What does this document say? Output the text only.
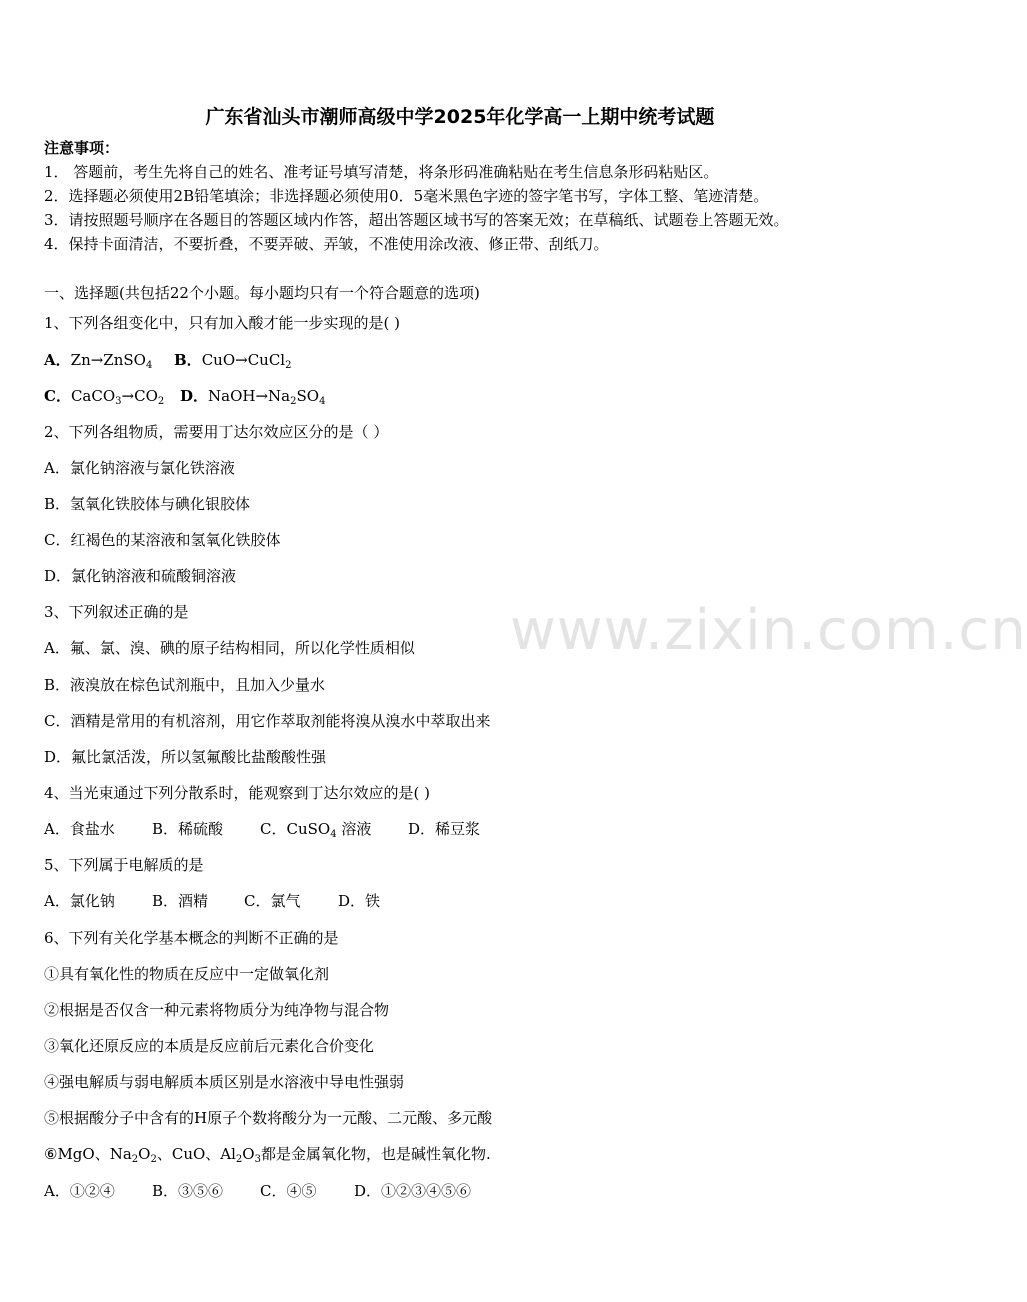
广东省汕头市潮师高级中学2025年化学高一上期中统考试题
注意事项：
1． 答题前，考生先将自己的姓名、准考证号填写清楚，将条形码准确粘贴在考生信息条形码粘贴区。
2．选择题必须使用2B铅笔填涂；非选择题必须使用0．5毫米黑色字迹的签字笔书写，字体工整、笔迹清楚。
3．请按照题号顺序在各题目的答题区域内作答，超出答题区域书写的答案无效；在草稿纸、试题卷上答题无效。
4．保持卡面清洁，不要折叠，不要弄破、弄皱，不准使用涂改液、修正带、刮纸刀。
一、选择题(共包括22个小题。每小题均只有一个符合题意的选项)
1、下列各组变化中，只有加入酸才能一步实现的是( )
A．Zn→ZnSO$_4$ B．CuO→CuCl$_2$
C．$CaCO_3\to CO_2$ D．$NaOH\to Na_2SO_4$
2、下列各组物质，需要用丁达尔效应区分的是（ ）
A．氯化钠溶液与氯化铁溶液
B．氢氧化铁胶体与碘化银胶体
C．红褐色的某溶液和氢氧化铁胶体
D．氯化钠溶液和硫酸铜溶液
3、下列叙述正确的是
A．氟、氯、溴、碘的原子结构相同，所以化学性质相似
B．液溴放在棕色试剂瓶中，且加入少量水
C．酒精是常用的有机溶剂，用它作萃取剂能将溴从溴水中萃取出来
D．氟比氯活泼，所以氢氟酸比盐酸酸性强
4、当光束通过下列分散系时，能观察到丁达尔效应的是( )
A．食盐水 B．稀硫酸 C．CuSO$_4$ 溶液 D．稀豆浆
5、下列属于电解质的是
A．氯化钠 B．酒精 C．氯气	D．铁
6、下列有关化学基本概念的判断不正确的是
①具有氧化性的物质在反应中一定做氧化剂
②根据是否仅含一种元素将物质分为纯净物与混合物
③氧化还原反应的本质是反应前后元素化合价变化
④强电解质与弱电解质本质区别是水溶液中导电性强弱
⑤根据酸分子中含有的H原子个数将酸分为一元酸、二元酸、多元酸
⑥MgO、$Na_2O_2$、CuO、$Al_2O_3$都是金属氧化物，也是碱性氧化物.
A．①②④ B．③⑤⑥ C．④⑤	D．①②③④⑤⑥
www.zixin.com.cn
